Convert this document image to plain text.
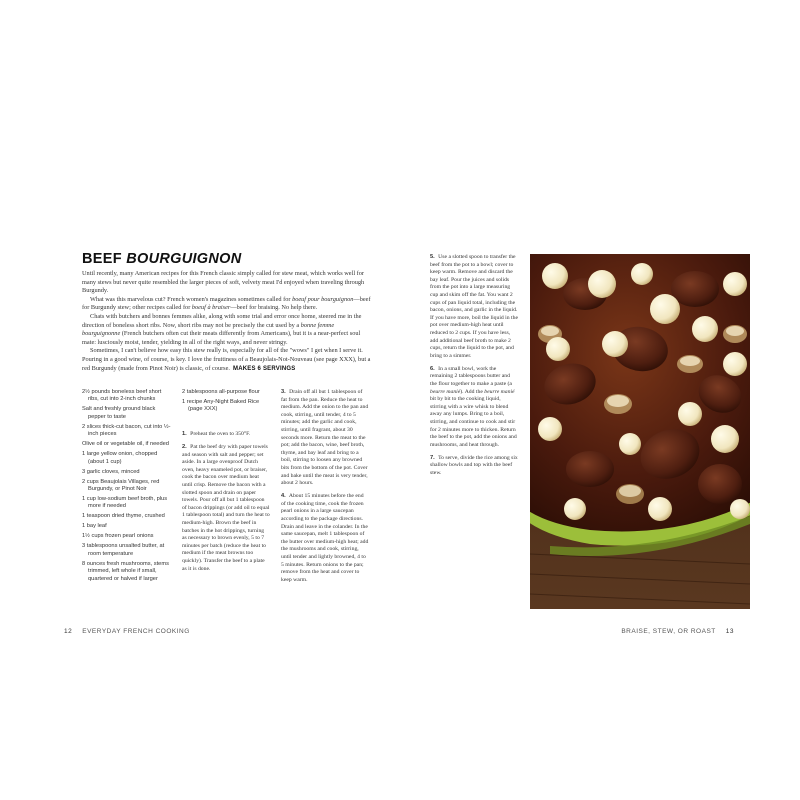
BEEF BOURGUIGNON

Until recently, many American recipes for this French classic simply called for stew meat, which works well for many stews but never quite resembled the larger pieces of soft, velvety meat I'd enjoyed when traveling through Burgundy.

What was this marvelous cut? French women's magazines sometimes called for boeuf pour bourguignon—beef for Burgundy stew; other recipes called for boeuf à braiser—beef for braising. No help there.

Chats with butchers and bonnes femmes alike, along with some trial and error once home, steered me in the direction of boneless short ribs. Now, short ribs may not be precisely the cut used by a bonne femme bourguignonne (French butchers often cut their meats differently from Americans), but it is a near-perfect soul mate: lusciously moist, tender, yielding in all of the right ways, and never stringy.

Sometimes, I can't believe how easy this stew really is, especially for all of the "wows" I get when I serve it. Pouring in a good wine, of course, is key. I love the fruitiness of a Beaujolais-Not-Nouveau (see page XXX), but a red Burgundy (made from Pinot Noir) is classic, of course. MAKES 6 SERVINGS

2½ pounds boneless beef short ribs, cut into 2-inch chunks
Salt and freshly ground black pepper to taste
2 slices thick-cut bacon, cut into ½-inch pieces
Olive oil or vegetable oil, if needed
1 large yellow onion, chopped (about 1 cup)
3 garlic cloves, minced
2 cups Beaujolais Villages, red Burgundy, or Pinot Noir
1 cup low-sodium beef broth, plus more if needed
1 teaspoon dried thyme, crushed
1 bay leaf
1½ cups frozen pearl onions
3 tablespoons unsalted butter, at room temperature
8 ounces fresh mushrooms, stems trimmed, left whole if small, quartered or halved if larger
2 tablespoons all-purpose flour
1 recipe Any-Night Baked Rice (page XXX)

1. Preheat the oven to 350°F.

2. Pat the beef dry with paper towels and season with salt and pepper; set aside. In a large ovenproof Dutch oven, heavy enameled pot, or braiser, cook the bacon over medium heat until crisp. Remove the bacon with a slotted spoon and drain on paper towels. Pour off all but 1 tablespoon of bacon drippings (or add oil to equal 1 tablespoon total) and turn the heat to medium-high. Brown the beef in batches in the hot drippings, turning as necessary to brown evenly, 5 to 7 minutes per batch (reduce the heat to medium if the meat browns too quickly). Transfer the beef to a plate as it is done.

3. Drain off all but 1 tablespoon of fat from the pan. Reduce the heat to medium. Add the onion to the pan and cook, stirring, until tender, 4 to 5 minutes; add the garlic and cook, stirring, until fragrant, about 30 seconds more. Return the meat to the pot; add the bacon, wine, beef broth, thyme, and bay leaf and bring to a boil, stirring to loosen any browned bits from the bottom of the pot. Cover and bake until the meat is very tender, about 2 hours.

4. About 15 minutes before the end of the cooking time, cook the frozen pearl onions in a large saucepan according to the package directions. Drain and leave in the colander. In the same saucepan, melt 1 tablespoon of the butter over medium-high heat; add the mushrooms and cook, stirring, until tender and lightly browned, 4 to 5 minutes. Return onions to the pan; remove from the heat and cover to keep warm.

5. Use a slotted spoon to transfer the beef from the pot to a bowl; cover to keep warm. Remove and discard the bay leaf. Pour the juices and solids from the pot into a large measuring cup and skim off the fat. You want 2 cups of pan liquid total, including the bacon, onions, and garlic in the liquid. If you have more, boil the liquid in the pot over medium-high heat until reduced to 2 cups. If you have less, add additional beef broth to make 2 cups, return the liquid to the pot, and bring to a simmer.

6. In a small bowl, work the remaining 2 tablespoons butter and the flour together to make a paste (a beurre manié). Add the beurre manié bit by bit to the cooking liquid, stirring with a wire whisk to blend away any lumps. Bring to a boil, stirring, and continue to cook and stir for 2 minutes more to thicken. Return the beef to the pot, add the onions and mushrooms, and heat through.

7. To serve, divide the rice among six shallow bowls and top with the beef stew.

12 EVERYDAY FRENCH COOKING	BRAISE, STEW, OR ROAST 13
